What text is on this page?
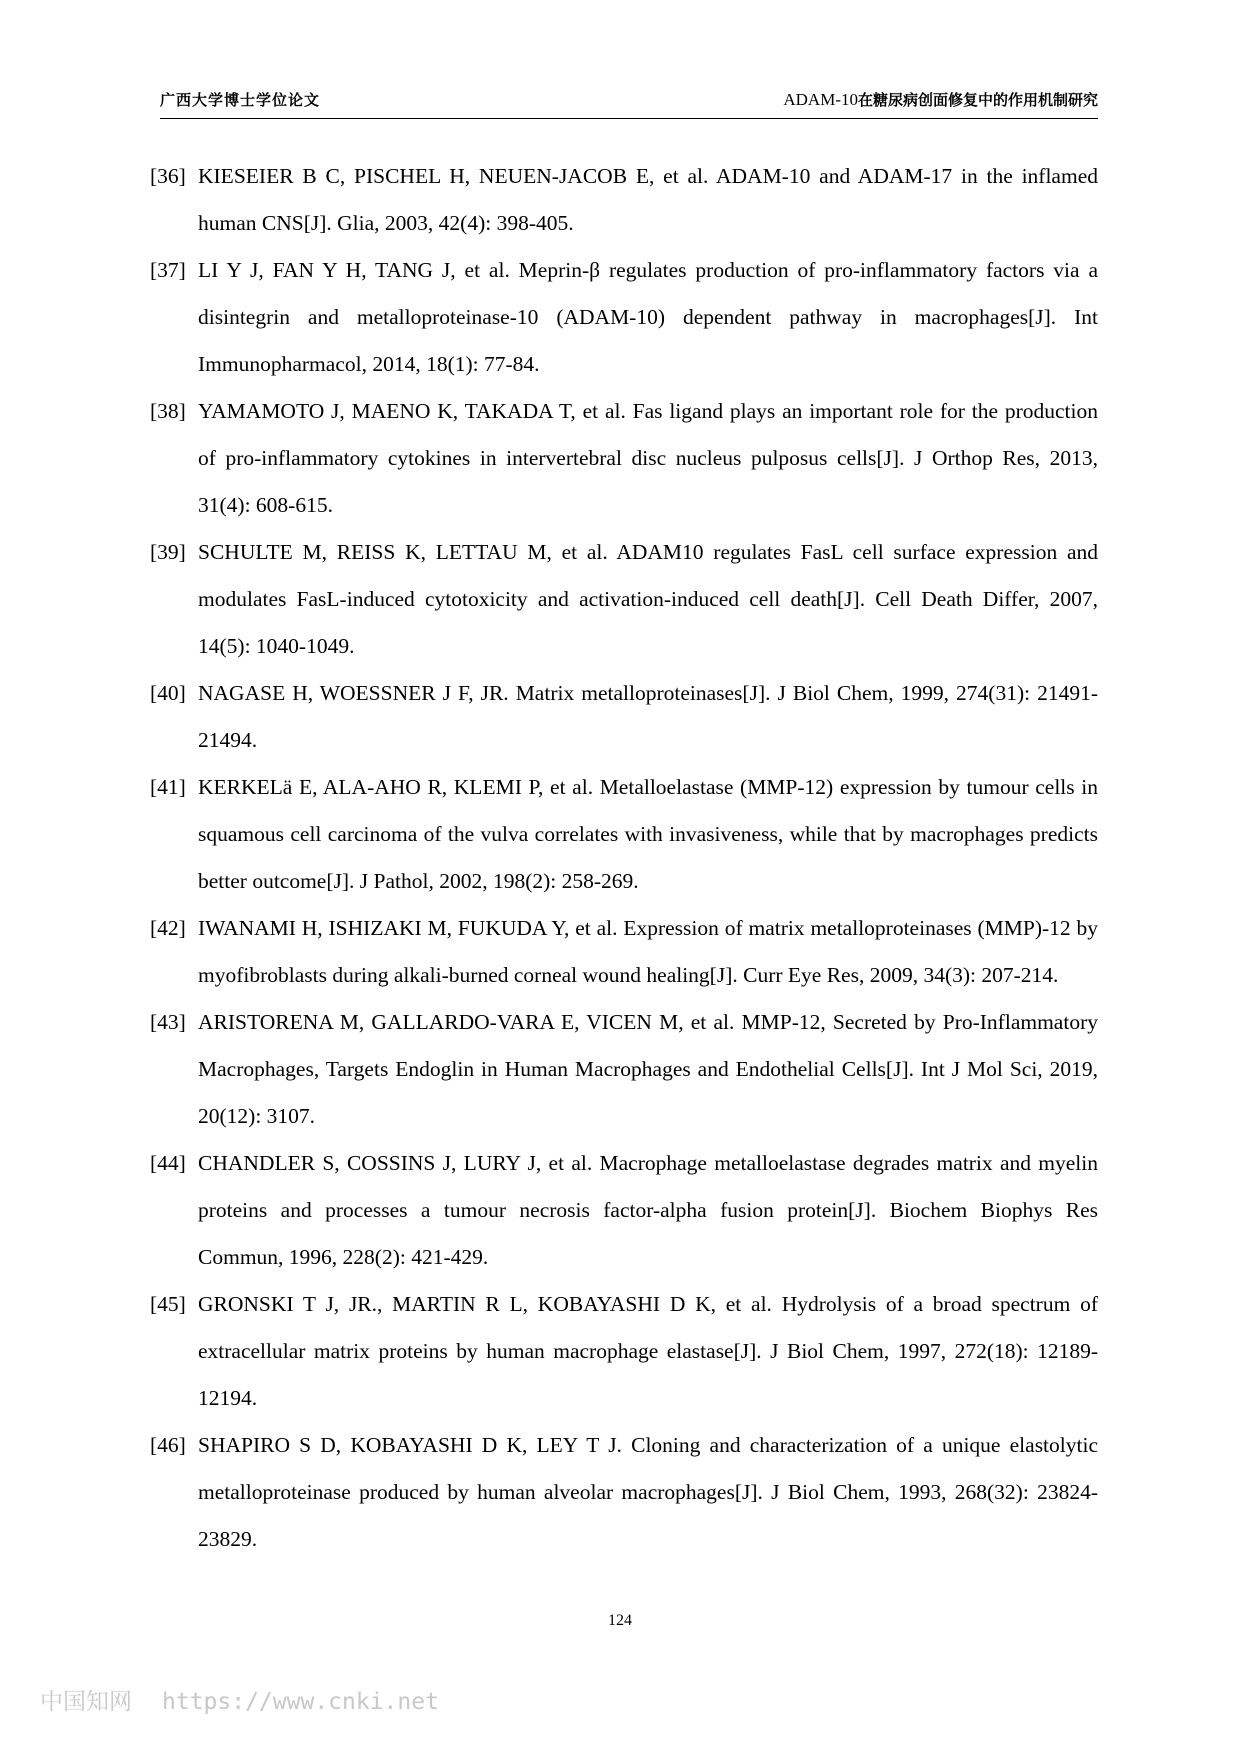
广西大学博士学位论文	ADAM-10在糖尿病创面修复中的作用机制研究
[36] KIESEIER B C, PISCHEL H, NEUEN-JACOB E, et al. ADAM-10 and ADAM-17 in the inflamed human CNS[J]. Glia, 2003, 42(4): 398-405.
[37] LI Y J, FAN Y H, TANG J, et al. Meprin-β regulates production of pro-inflammatory factors via a disintegrin and metalloproteinase-10 (ADAM-10) dependent pathway in macrophages[J]. Int Immunopharmacol, 2014, 18(1): 77-84.
[38] YAMAMOTO J, MAENO K, TAKADA T, et al. Fas ligand plays an important role for the production of pro-inflammatory cytokines in intervertebral disc nucleus pulposus cells[J]. J Orthop Res, 2013, 31(4): 608-615.
[39] SCHULTE M, REISS K, LETTAU M, et al. ADAM10 regulates FasL cell surface expression and modulates FasL-induced cytotoxicity and activation-induced cell death[J]. Cell Death Differ, 2007, 14(5): 1040-1049.
[40] NAGASE H, WOESSNER J F, JR. Matrix metalloproteinases[J]. J Biol Chem, 1999, 274(31): 21491-21494.
[41] KERKELä E, ALA-AHO R, KLEMI P, et al. Metalloelastase (MMP-12) expression by tumour cells in squamous cell carcinoma of the vulva correlates with invasiveness, while that by macrophages predicts better outcome[J]. J Pathol, 2002, 198(2): 258-269.
[42] IWANAMI H, ISHIZAKI M, FUKUDA Y, et al. Expression of matrix metalloproteinases (MMP)-12 by myofibroblasts during alkali-burned corneal wound healing[J]. Curr Eye Res, 2009, 34(3): 207-214.
[43] ARISTORENA M, GALLARDO-VARA E, VICEN M, et al. MMP-12, Secreted by Pro-Inflammatory Macrophages, Targets Endoglin in Human Macrophages and Endothelial Cells[J]. Int J Mol Sci, 2019, 20(12): 3107.
[44] CHANDLER S, COSSINS J, LURY J, et al. Macrophage metalloelastase degrades matrix and myelin proteins and processes a tumour necrosis factor-alpha fusion protein[J]. Biochem Biophys Res Commun, 1996, 228(2): 421-429.
[45] GRONSKI T J, JR., MARTIN R L, KOBAYASHI D K, et al. Hydrolysis of a broad spectrum of extracellular matrix proteins by human macrophage elastase[J]. J Biol Chem, 1997, 272(18): 12189-12194.
[46] SHAPIRO S D, KOBAYASHI D K, LEY T J. Cloning and characterization of a unique elastolytic metalloproteinase produced by human alveolar macrophages[J]. J Biol Chem, 1993, 268(32): 23824-23829.
124
中国知网 https://www.cnki.net
